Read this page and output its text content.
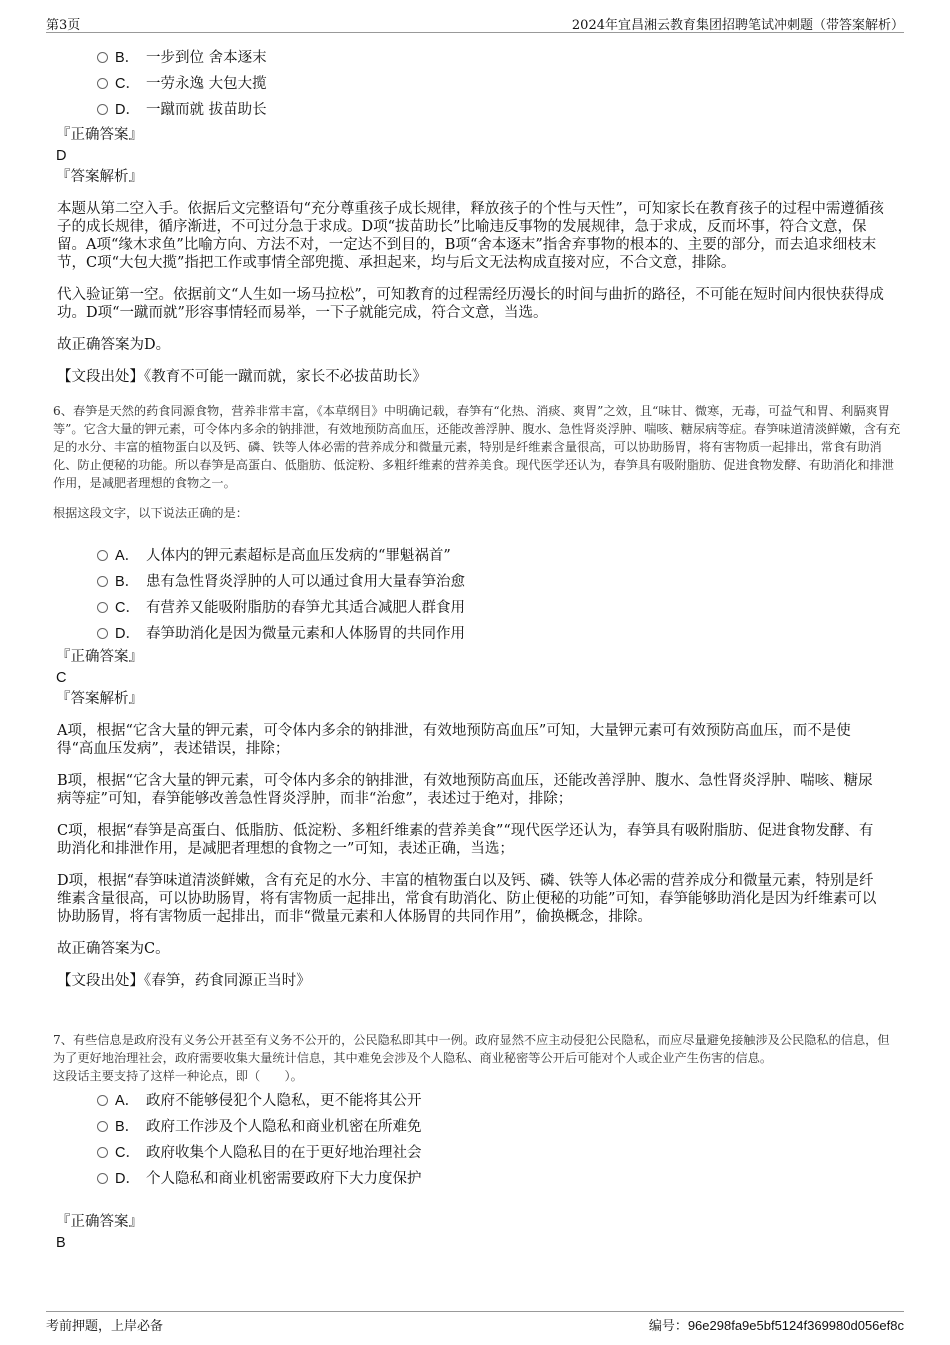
第3页	2024年宜昌湘云教育集团招聘笔试冲刺题（带答案解析）
B． 一步到位 舍本逐末
C． 一劳永逸 大包大揽
D． 一蹴而就 拔苗助长
『正确答案』
D
『答案解析』

本题从第二空入手。依据后文完整语句“充分尊重孩子成长规律，释放孩子的个性与天性”，可知家长在教育孩子的过程中需遵循孩子的成长规律，循序渐进，不可过分急于求成。D项“拔苗助长”比喻违反事物的发展规律，急于求成，反而坏事，符合文意，保留。A项“缘木求鱼”比喻方向、方法不对，一定达不到目的，B项“舍本逐末”指舍弃事物的根本的、主要的部分，而去追求细枝末节，C项“大包大揽”指把工作或事情全部兜揽、承担起来，均与后文无法构成直接对应，不合文意，排除。

代入验证第一空。依据前文“人生如一场马拉松”，可知教育的过程需经历漫长的时间与曲折的路径，不可能在短时间内很快获得成功。D项“一蹴而就”形容事情轻而易举，一下子就能完成，符合文意，当选。

故正确答案为D。

【文段出处】《教育不可能一蹴而就，家长不必拔苗助长》

6、春笋是天然的药食同源食物，营养非常丰富，《本草纲目》中明确记载，春笋有“化热、消痰、爽胃”之效，且“味甘、微寒，无毒，可益气和胃、利膈爽胃等”。它含大量的钾元素，可令体内多余的钠排泄，有效地预防高血压，还能改善浮肿、腹水、急性肾炎浮肿、喘咳、糖尿病等症。春笋味道清淡鲜嫩，含有充足的水分、丰富的植物蛋白以及钙、磷、铁等人体必需的营养成分和微量元素，特别是纤维素含量很高，可以协助肠胃，将有害物质一起排出，常食有助消化、防止便秘的功能。所以春笋是高蛋白、低脂肪、低淀粉、多粗纤维素的营养美食。现代医学还认为，春笋具有吸附脂肪、促进食物发酵、有助消化和排泄作用，是减肥者理想的食物之一。
根据这段文字，以下说法正确的是：
A． 人体内的钾元素超标是高血压发病的“罪魁祸首”
B． 患有急性肾炎浮肿的人可以通过食用大量春笋治愈
C． 有营养又能吸附脂肪的春笋尤其适合减肥人群食用
D． 春笋助消化是因为微量元素和人体肠胃的共同作用
『正确答案』
C
『答案解析』

A项，根据“它含大量的钾元素，可令体内多余的钠排泄，有效地预防高血压”可知，大量钾元素可有效预防高血压，而不是使得“高血压发病”，表述错误，排除；

B项，根据“它含大量的钾元素，可令体内多余的钠排泄，有效地预防高血压，还能改善浮肿、腹水、急性肾炎浮肿、喘咳、糖尿病等症”可知，春笋能够改善急性肾炎浮肿，而非“治愈”，表述过于绝对，排除；

C项，根据“春笋是高蛋白、低脂肪、低淀粉、多粗纤维素的营养美食”“现代医学还认为，春笋具有吸附脂肪、促进食物发酵、有助消化和排泄作用，是减肥者理想的食物之一”可知，表述正确，当选；

D项，根据“春笋味道清淡鲜嫩，含有充足的水分、丰富的植物蛋白以及钙、磷、铁等人体必需的营养成分和微量元素，特别是纤维素含量很高，可以协助肠胃，将有害物质一起排出，常食有助消化、防止便秘的功能”可知，春笋能够助消化是因为纤维素可以协助肠胃，将有害物质一起排出，而非“微量元素和人体肠胃的共同作用”，偷换概念，排除。

故正确答案为C。

【文段出处】《春笋，药食同源正当时》

7、有些信息是政府没有义务公开甚至有义务不公开的，公民隐私即其中一例。政府显然不应主动侵犯公民隐私，而应尽量避免接触涉及公民隐私的信息，但为了更好地治理社会，政府需要收集大量统计信息，其中难免会涉及个人隐私、商业秘密等公开后可能对个人或企业产生伤害的信息。
这段话主要支持了这样一种论点，即（　　）。
A． 政府不能够侵犯个人隐私，更不能将其公开
B． 政府工作涉及个人隐私和商业机密在所难免
C． 政府收集个人隐私目的在于更好地治理社会
D． 个人隐私和商业机密需要政府下大力度保护
『正确答案』
B
考前押题，上岸必备	编号：96e298fa9e5bf5124f369980d056ef8c
